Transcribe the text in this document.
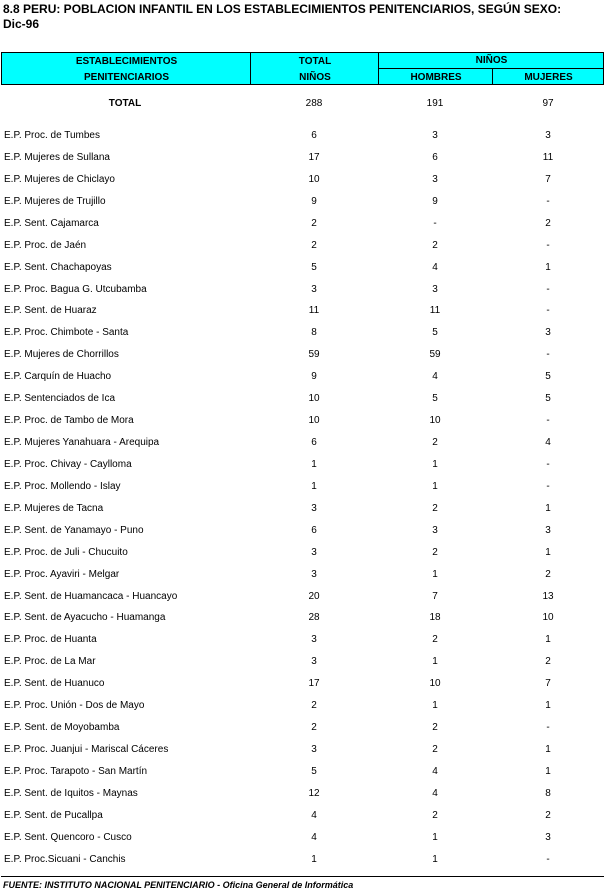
8.8 PERU: POBLACION INFANTIL EN LOS ESTABLECIMIENTOS PENITENCIARIOS, SEGÚN SEXO:
Dic-96
ESTABLECIMIENTOS
PENITENCIARIOS
TOTAL
NIÑOS
NIÑOS
HOMBRES	MUJERES
TOTAL	288	191	97
E.P. Proc. de Tumbes	6	3	3
E.P. Mujeres de Sullana	17	6	11
E.P. Mujeres de Chiclayo	10	3	7
E.P. Mujeres de Trujillo	9	9	-
E.P. Sent. Cajamarca	2	-	2
E.P. Proc. de Jaén	2	2	-
E.P. Sent. Chachapoyas	5	4	1
E.P. Proc. Bagua G. Utcubamba	3	3	-
E.P. Sent. de Huaraz	11	11	-
E.P. Proc. Chimbote - Santa	8	5	3
E.P. Mujeres de Chorrillos	59	59	-
E.P. Carquín de Huacho	9	4	5
E.P. Sentenciados de Ica	10	5	5
E.P. Proc. de Tambo de Mora	10	10	-
E.P. Mujeres Yanahuara - Arequipa	6	2	4
E.P. Proc. Chivay - Caylloma	1	1	-
E.P. Proc. Mollendo - Islay	1	1	-
E.P. Mujeres de Tacna	3	2	1
E.P. Sent. de Yanamayo - Puno	6	3	3
E.P. Proc. de Juli - Chucuito	3	2	1
E.P. Proc. Ayaviri - Melgar	3	1	2
E.P. Sent. de Huamancaca - Huancayo	20	7	13
E.P. Sent. de Ayacucho - Huamanga	28	18	10
E.P. Proc. de Huanta	3	2	1
E.P. Proc. de La Mar	3	1	2
E.P. Sent. de Huanuco	17	10	7
E.P. Proc. Unión - Dos de Mayo	2	1	1
E.P. Sent. de Moyobamba	2	2	-
E.P. Proc. Juanjui - Mariscal Cáceres	3	2	1
E.P. Proc. Tarapoto - San Martín	5	4	1
E.P. Sent. de Iquitos - Maynas	12	4	8
E.P. Sent. de Pucallpa	4	2	2
E.P. Sent. Quencoro - Cusco	4	1	3
E.P. Proc.Sicuani - Canchis	1	1	-
FUENTE: INSTITUTO NACIONAL PENITENCIARIO - Oficina General de Informática
